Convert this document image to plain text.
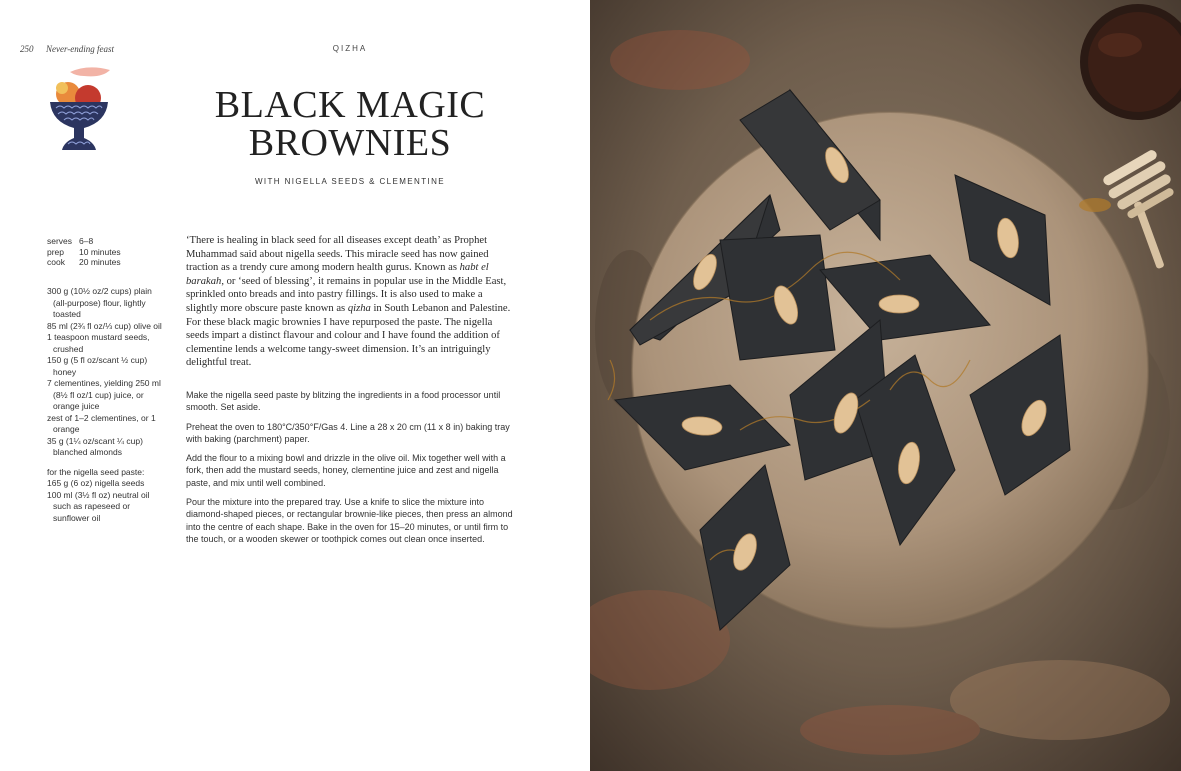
250 Never-ending feast	QIZHA
BLACK MAGIC
BROWNIES
WITH NIGELLA SEEDS & CLEMENTINE
serves 6–8
prep 10 minutes
cook 20 minutes

300 g (10½ oz/2 cups) plain (all-purpose) flour, lightly toasted

85 ml (2¾ fl oz/⅓ cup) olive oil

1 teaspoon mustard seeds, crushed

150 g (5 fl oz/scant ½ cup) honey

7 clementines, yielding 250 ml (8½ fl oz/1 cup) juice, or orange juice

zest of 1–2 clementines, or 1 orange

35 g (1¼ oz/scant ¼ cup) blanched almonds

for the nigella seed paste:

165 g (6 oz) nigella seeds

100 ml (3½ fl oz) neutral oil such as rapeseed or sunflower oil

‘There is healing in black seed for all diseases except death’ as Prophet Muhammad said about nigella seeds. This miracle seed has now gained traction as a trendy cure among modern health gurus. Known as habt el barakah, or ‘seed of blessing’, it remains in popular use in the Middle East, sprinkled onto breads and into pastry fillings. It is also used to make a slightly more obscure paste known as qizha in South Lebanon and Palestine. For these black magic brownies I have repurposed the paste. The nigella seeds impart a distinct flavour and colour and I have found the addition of clementine lends a welcome tangy-sweet dimension. It’s an intriguingly delightful treat.

Make the nigella seed paste by blitzing the ingredients in a food processor until smooth. Set aside.

Preheat the oven to 180°C/350°F/Gas 4. Line a 28 x 20 cm (11 x 8 in) baking tray with baking (parchment) paper.

Add the flour to a mixing bowl and drizzle in the olive oil. Mix together well with a fork, then add the mustard seeds, honey, clementine juice and zest and nigella paste, and mix until well combined.

Pour the mixture into the prepared tray. Use a knife to slice the mixture into diamond-shaped pieces, or rectangular brownie-like pieces, then press an almond into the centre of each shape. Bake in the oven for 15–20 minutes, or until firm to the touch, or a wooden skewer or toothpick comes out clean once inserted.
